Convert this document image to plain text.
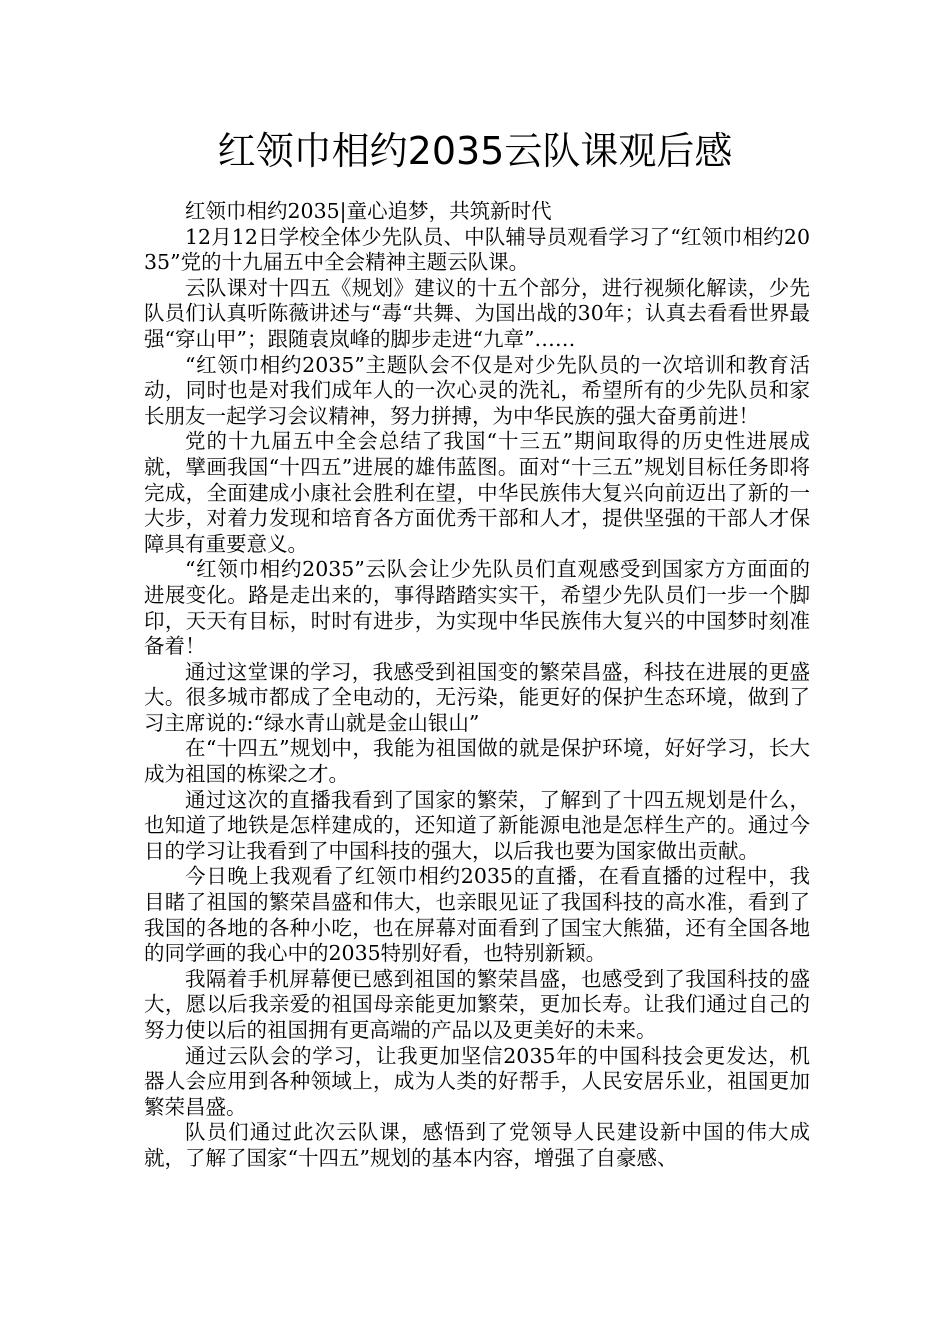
红领巾相约2035云队课观后感

红领巾相约2035|童心追梦，共筑新时代

12月12日学校全体少先队员、中队辅导员观看学习了“红领巾相约2035”党的十九届五中全会精神主题云队课。

云队课对十四五《规划》建议的十五个部分，进行视频化解读，少先队员们认真听陈薇讲述与“毒“共舞、为国出战的30年；认真去看看世界最强“穿山甲”；跟随袁岚峰的脚步走进“九章”……

“红领巾相约2035”主题队会不仅是对少先队员的一次培训和教育活动，同时也是对我们成年人的一次心灵的洗礼，希望所有的少先队员和家长朋友一起学习会议精神，努力拼搏，为中华民族的强大奋勇前进！

党的十九届五中全会总结了我国“十三五”期间取得的历史性进展成就，擘画我国“十四五”进展的雄伟蓝图。面对“十三五”规划目标任务即将完成，全面建成小康社会胜利在望，中华民族伟大复兴向前迈出了新的一大步，对着力发现和培育各方面优秀干部和人才，提供坚强的干部人才保障具有重要意义。

“红领巾相约2035”云队会让少先队员们直观感受到国家方方面面的进展变化。路是走出来的，事得踏踏实实干，希望少先队员们一步一个脚印，天天有目标，时时有进步，为实现中华民族伟大复兴的中国梦时刻准备着！

通过这堂课的学习，我感受到祖国变的繁荣昌盛，科技在进展的更盛大。很多城市都成了全电动的，无污染，能更好的保护生态环境，做到了习主席说的:“绿水青山就是金山银山”

在“十四五”规划中，我能为祖国做的就是保护环境，好好学习，长大成为祖国的栋梁之才。

通过这次的直播我看到了国家的繁荣，了解到了十四五规划是什么，也知道了地铁是怎样建成的，还知道了新能源电池是怎样生产的。通过今日的学习让我看到了中国科技的强大，以后我也要为国家做出贡献。

今日晚上我观看了红领巾相约2035的直播，在看直播的过程中，我目睹了祖国的繁荣昌盛和伟大，也亲眼见证了我国科技的高水准，看到了我国的各地的各种小吃，也在屏幕对面看到了国宝大熊猫，还有全国各地的同学画的我心中的2035特别好看，也特别新颖。

我隔着手机屏幕便已感到祖国的繁荣昌盛，也感受到了我国科技的盛大，愿以后我亲爱的祖国母亲能更加繁荣，更加长寿。让我们通过自己的努力使以后的祖国拥有更高端的产品以及更美好的未来。

通过云队会的学习，让我更加坚信2035年的中国科技会更发达，机器人会应用到各种领域上，成为人类的好帮手，人民安居乐业，祖国更加繁荣昌盛。

队员们通过此次云队课，感悟到了党领导人民建设新中国的伟大成就，了解了国家“十四五”规划的基本内容，增强了自豪感、
